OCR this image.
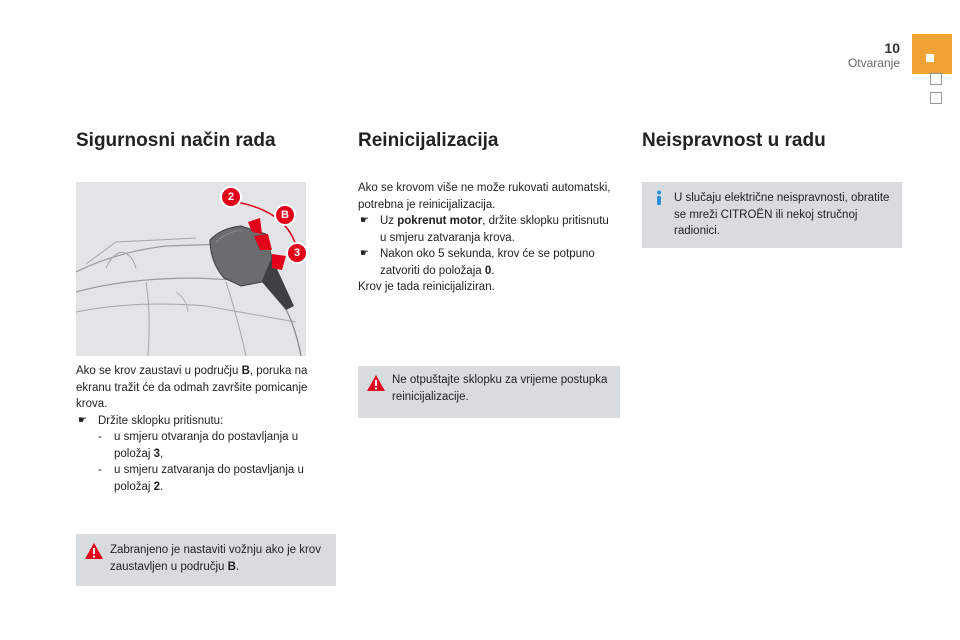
10
Otvaranje
Sigurnosni način rada
2
B
3

Ako se krov zaustavi u području B, poruka na ekranu tražit će da odmah završite pomicanje krova.

☛ Držite sklopku pritisnutu:

- u smjeru otvaranja do postavljanja u položaj 3,

- u smjeru zatvaranja do postavljanja u položaj 2.

Zabranjeno je nastaviti vožnju ako je krov zaustavljen u području B.
Reinicijalizacija

Ako se krovom više ne može rukovati automatski, potrebna je reinicijalizacija.

☛ Uz pokrenut motor, držite sklopku pritisnutu u smjeru zatvaranja krova.

☛ Nakon oko 5 sekunda, krov će se potpuno zatvoriti do položaja 0.

Krov je tada reinicijaliziran.

Ne otpuštajte sklopku za vrijeme postupka reinicijalizacije.
Neispravnost u radu
U slučaju električne neispravnosti, obratite se mreži CITROËN ili nekoj stručnoj radionici.
